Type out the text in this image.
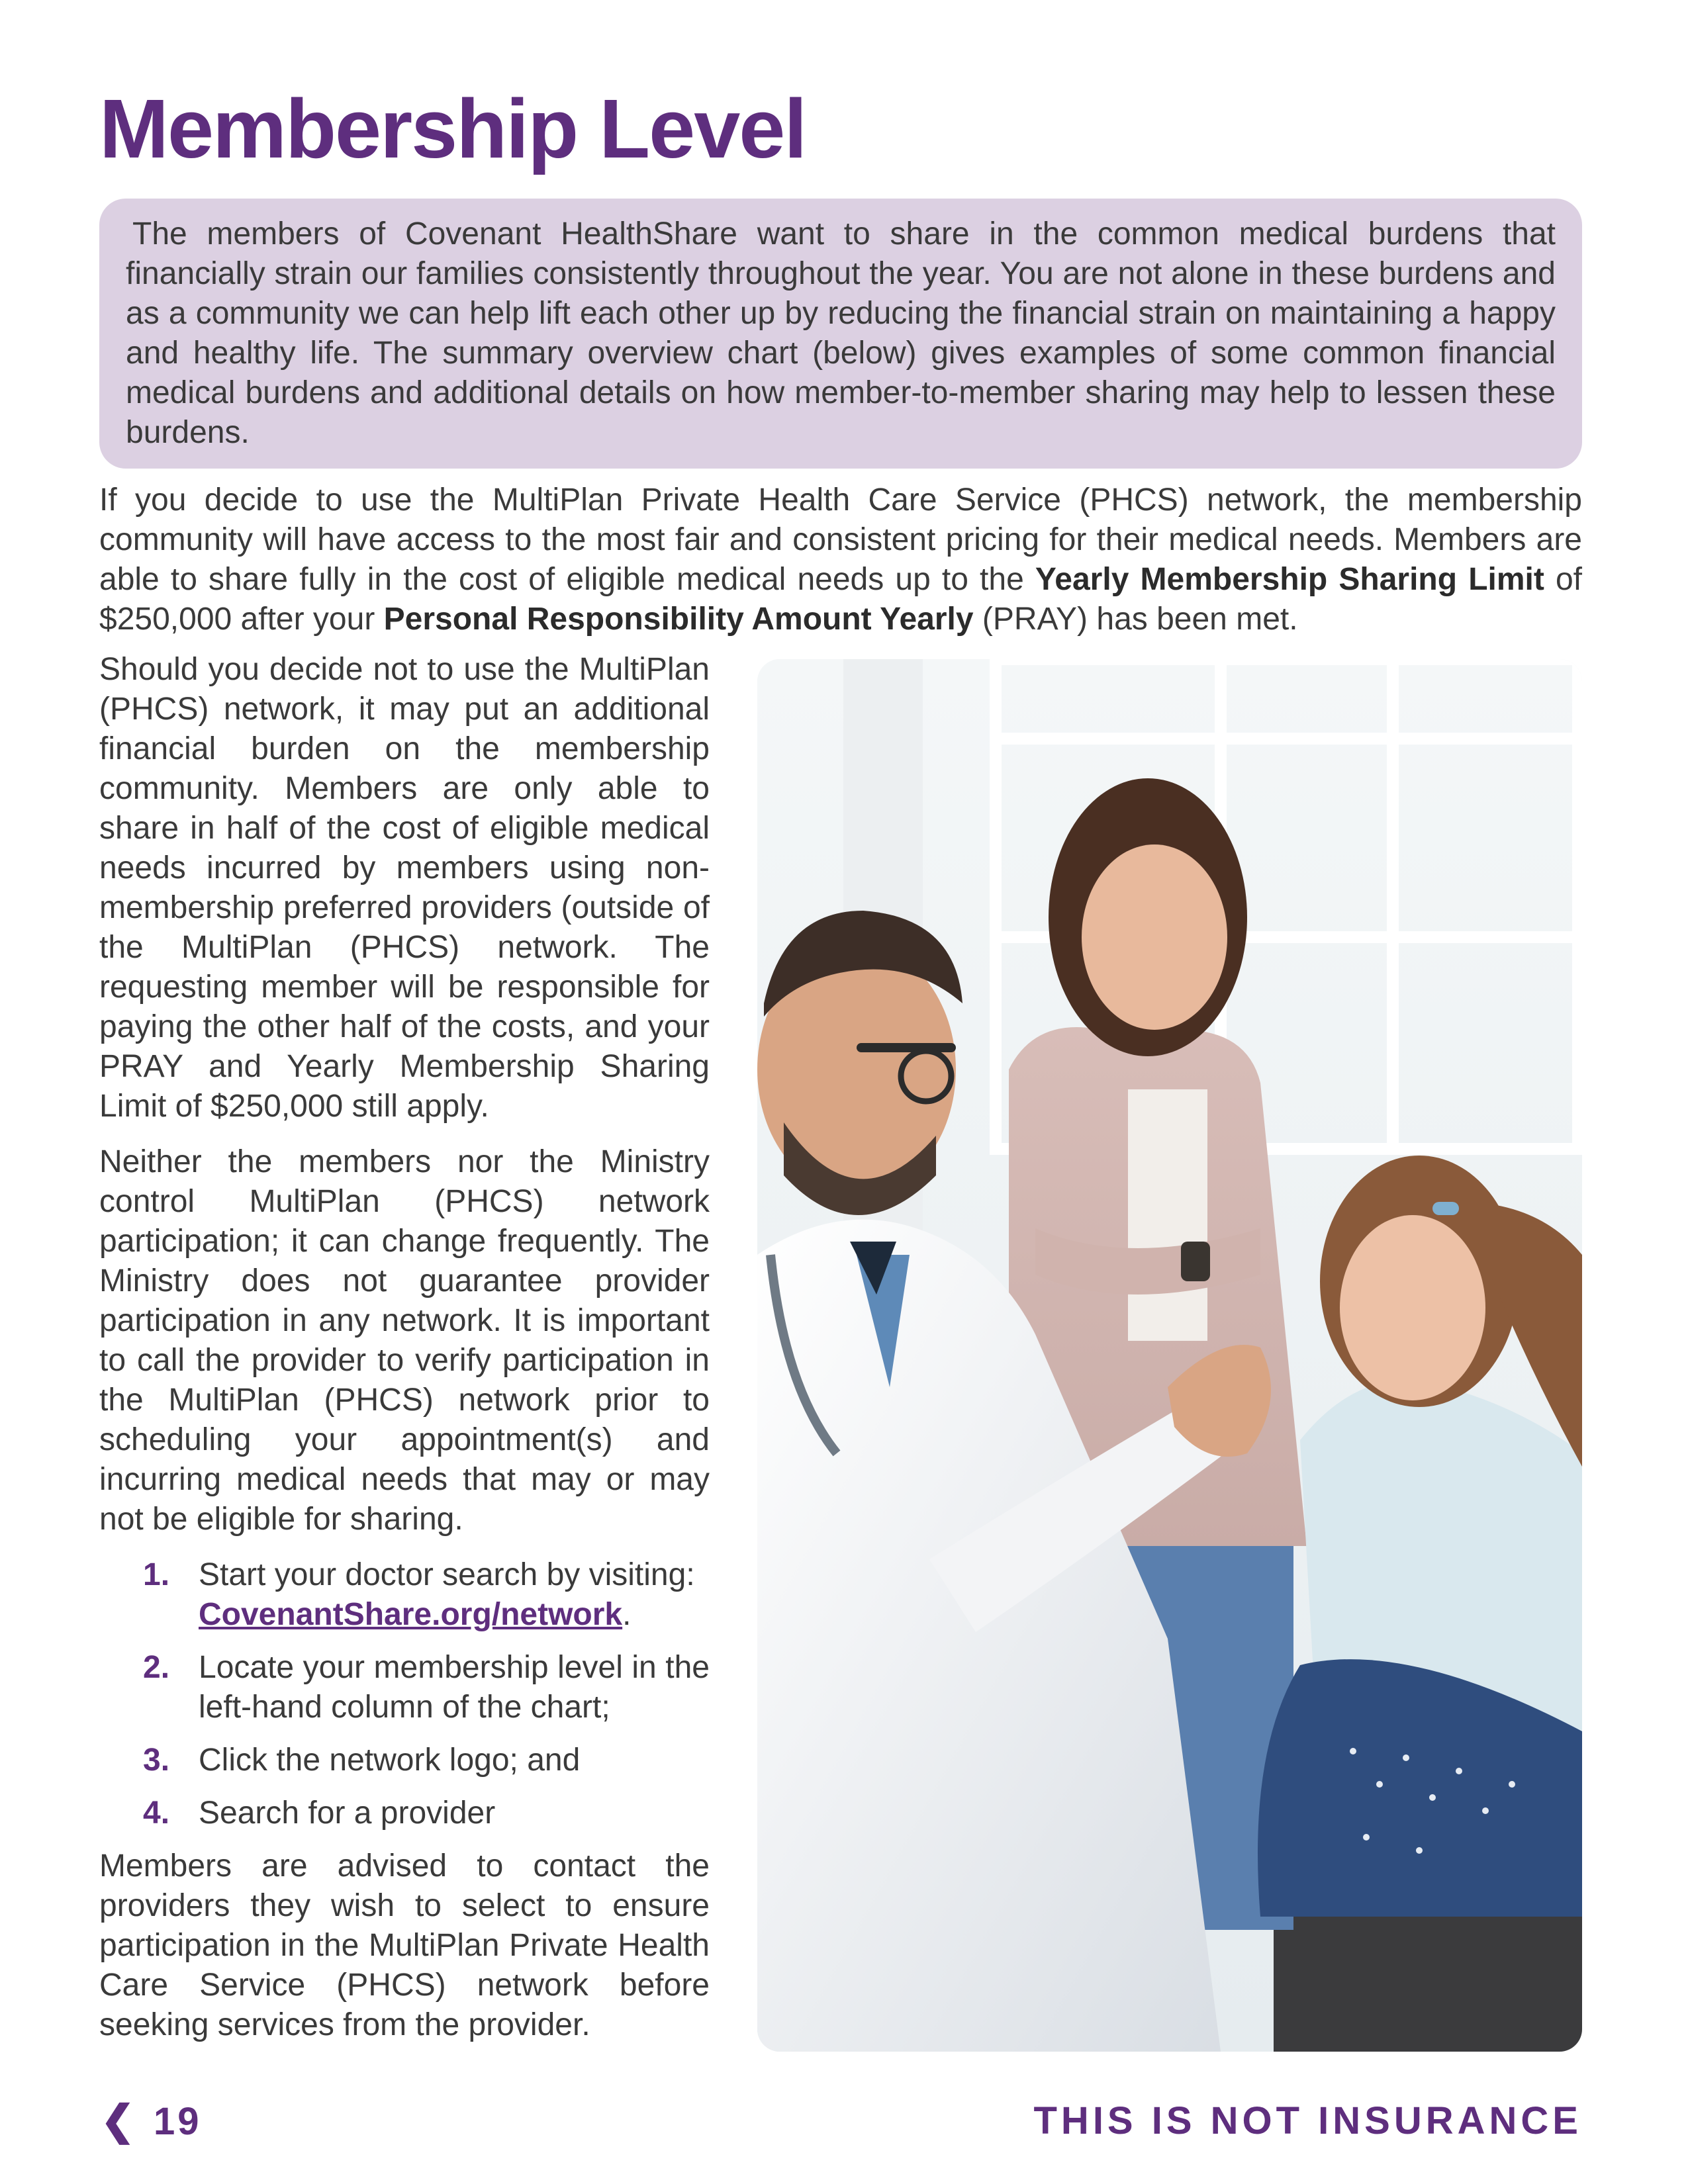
Membership Level

The members of Covenant HealthShare want to share in the common medical burdens that financially strain our families consistently throughout the year. You are not alone in these burdens and as a community we can help lift each other up by reducing the financial strain on maintaining a happy and healthy life. The summary overview chart (below) gives examples of some common financial medical burdens and additional details on how member-to-member sharing may help to lessen these burdens.

If you decide to use the MultiPlan Private Health Care Service (PHCS) network, the membership community will have access to the most fair and consistent pricing for their medical needs. Members are able to share fully in the cost of eligible medical needs up to the Yearly Membership Sharing Limit of $250,000 after your Personal Responsibility Amount Yearly (PRAY) has been met.

Should you decide not to use the MultiPlan (PHCS) network, it may put an additional financial burden on the membership community. Members are only able to share in half of the cost of eligible medical needs incurred by members using non-membership preferred providers (outside of the MultiPlan (PHCS) network. The requesting member will be responsible for paying the other half of the costs, and your PRAY and Yearly Membership Sharing Limit of $250,000 still apply.

Neither the members nor the Ministry control MultiPlan (PHCS) network participation; it can change frequently. The Ministry does not guarantee provider participation in any network. It is important to call the provider to verify participation in the MultiPlan (PHCS) network prior to scheduling your appointment(s) and incurring medical needs that may or may not be eligible for sharing.

1. Start your doctor search by visiting:
CovenantShare.org/network.
2. Locate your membership level in the left-hand column of the chart;
3. Click the network logo; and
4. Search for a provider

Members are advised to contact the providers they wish to select to ensure participation in the MultiPlan Private Health Care Service (PHCS) network before seeking services from the provider.

❮ 19	THIS IS NOT INSURANCE
